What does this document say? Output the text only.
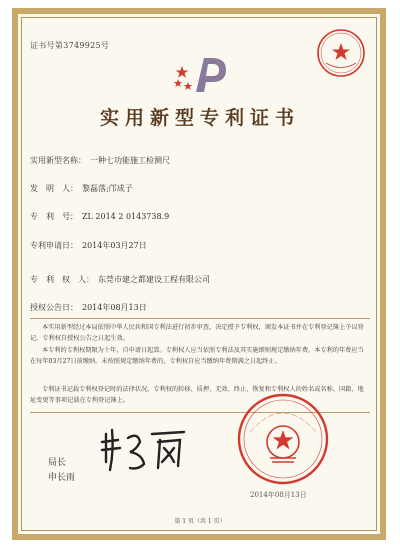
证书号第3749925号
实用新型专利证书
实用新型名称： 一种七功能施工检测尺
发　明　人： 黎磊落;邝成子
专　利　号： ZL 2014 2 0143738.9
专利申请日： 2014年03月27日
专　利　权　人： 东莞市建之都建设工程有限公司
授权公告日： 2014年08月13日
本实用新型经过本局依照中华人民共和国专利法进行初步审查，决定授予专利权，颁发本证书并在专利登记簿上予以登记。专利权自授权公告之日起生效。
本专利的专利权期限为十年，自申请日起算。专利权人应当依照专利法及其实施细则规定缴纳年费。本专利的年费应当在每年03月27日前缴纳。未按照规定缴纳年费的，专利权自应当缴纳年费期满之日起终止。
专利证书记载专利权登记时的法律状况。专利权的转移、质押、无效、终止、恢复和专利权人的姓名或名称、国籍、地址变更等事项记载在专利登记簿上。
局长
申长雨
2014年08月13日
第 1 页（共 1 页）
